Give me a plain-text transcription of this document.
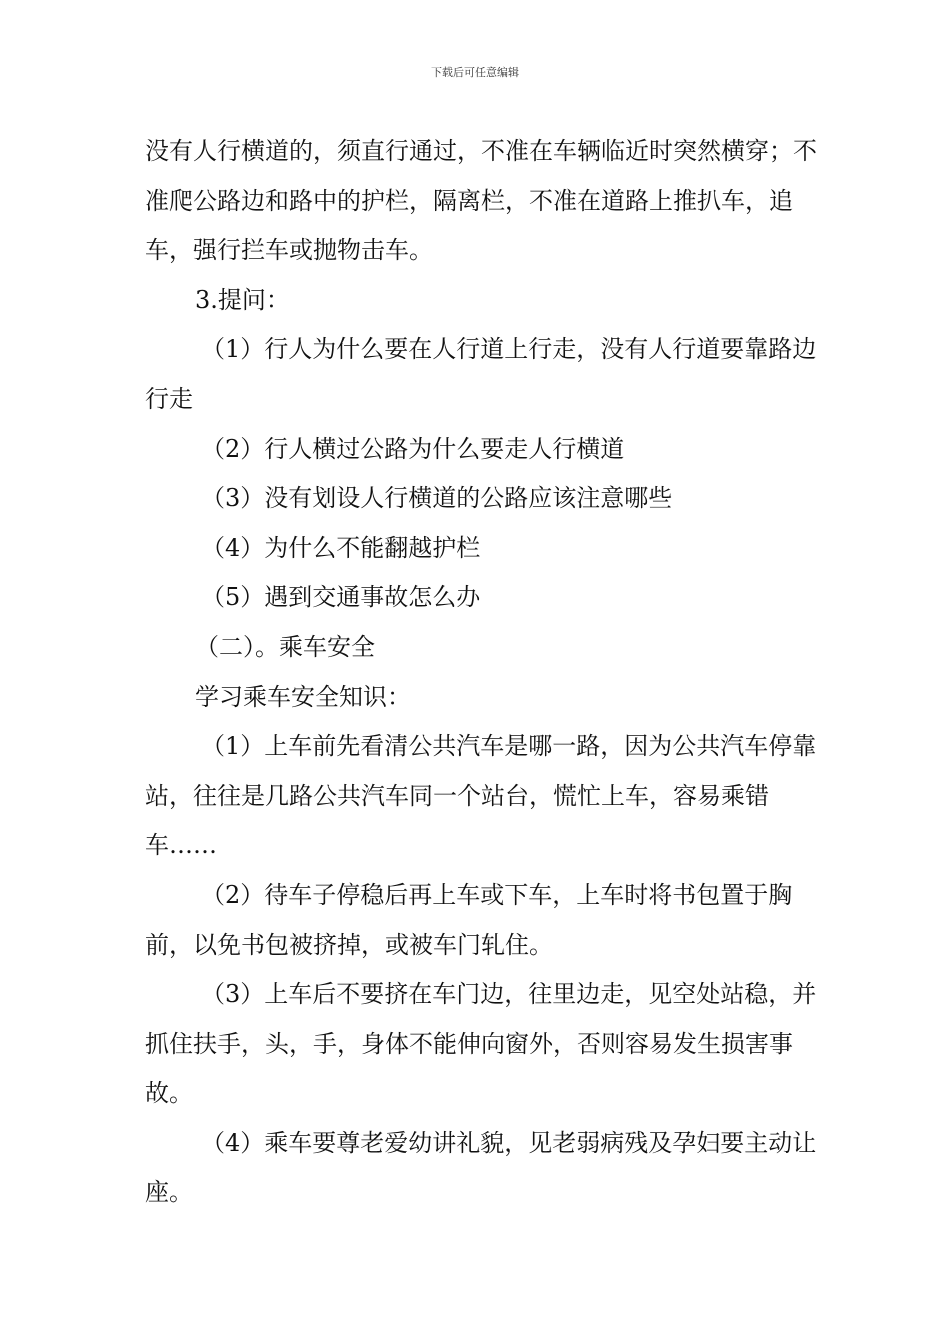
下载后可任意编辑

没有人行横道的，须直行通过，不准在车辆临近时突然横穿；不准爬公路边和路中的护栏，隔离栏，不准在道路上推扒车，追车，强行拦车或抛物击车。

3.提问：

（1）行人为什么要在人行道上行走，没有人行道要靠路边行走

（2）行人横过公路为什么要走人行横道

（3）没有划设人行横道的公路应该注意哪些

（4）为什么不能翻越护栏

（5）遇到交通事故怎么办

（二）。乘车安全

学习乘车安全知识：

（1）上车前先看清公共汽车是哪一路，因为公共汽车停靠站，往往是几路公共汽车同一个站台，慌忙上车，容易乘错车……

（2）待车子停稳后再上车或下车，上车时将书包置于胸前，以免书包被挤掉，或被车门轧住。

（3）上车后不要挤在车门边，往里边走，见空处站稳，并抓住扶手，头，手，身体不能伸向窗外，否则容易发生损害事故。

（4）乘车要尊老爱幼讲礼貌，见老弱病残及孕妇要主动让座。
